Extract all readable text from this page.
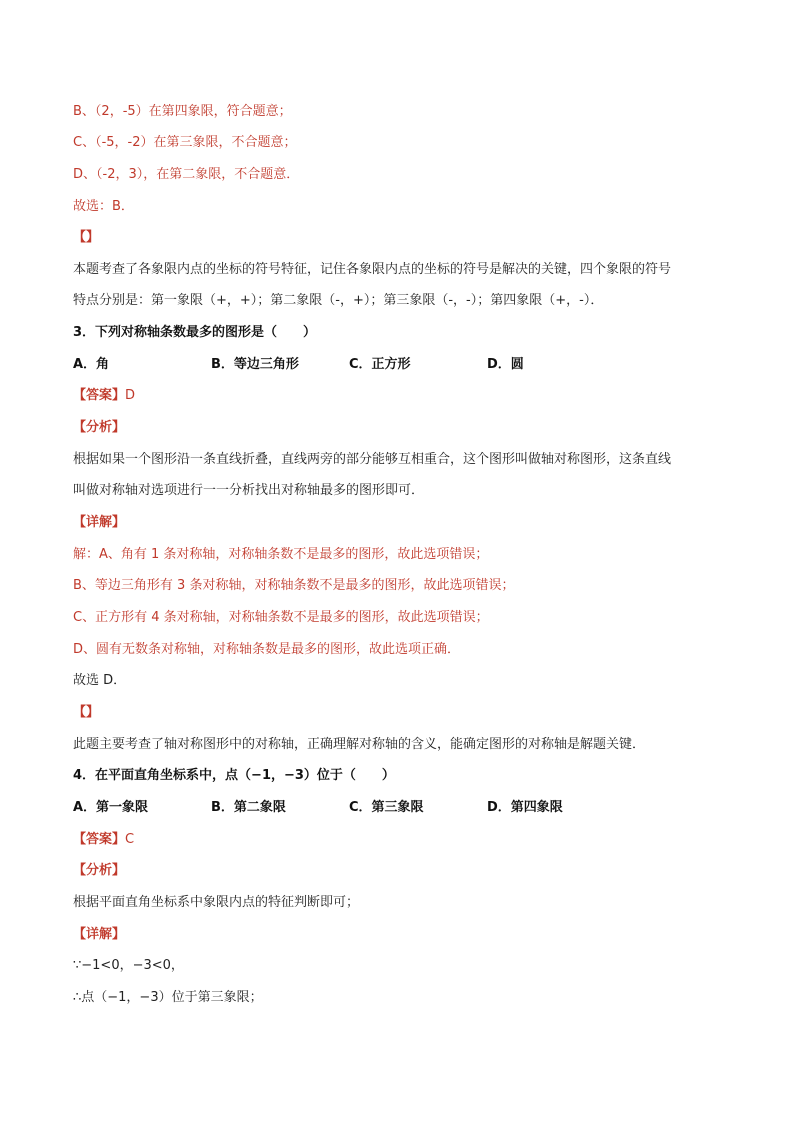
B、（2，-5）在第四象限，符合题意；
C、（-5，-2）在第三象限，不合题意；
D、（-2，3），在第二象限，不合题意．
故选：B．
【】
本题考查了各象限内点的坐标的符号特征，记住各象限内点的坐标的符号是解决的关键，四个象限的符号
特点分别是：第一象限（+，+）；第二象限（-，+）；第三象限（-，-）；第四象限（+，-）．
3．下列对称轴条数最多的图形是（　　）
A．角	B．等边三角形	C．正方形	D．圆
【答案】D
【分析】
根据如果一个图形沿一条直线折叠，直线两旁的部分能够互相重合，这个图形叫做轴对称图形，这条直线
叫做对称轴对选项进行一一分析找出对称轴最多的图形即可．
【详解】
解：A、角有 1 条对称轴，对称轴条数不是最多的图形，故此选项错误；
B、等边三角形有 3 条对称轴，对称轴条数不是最多的图形，故此选项错误；
C、正方形有 4 条对称轴，对称轴条数不是最多的图形，故此选项错误；
D、圆有无数条对称轴，对称轴条数是最多的图形，故此选项正确．
故选 D．
【】
此题主要考查了轴对称图形中的对称轴，正确理解对称轴的含义，能确定图形的对称轴是解题关键．
4．在平面直角坐标系中，点（−1，−3）位于（　　）
A．第一象限	B．第二象限	C．第三象限	D．第四象限
【答案】C
【分析】
根据平面直角坐标系中象限内点的特征判断即可；
【详解】
∵−1<0，−3<0，
∴点（−1，−3）位于第三象限；
